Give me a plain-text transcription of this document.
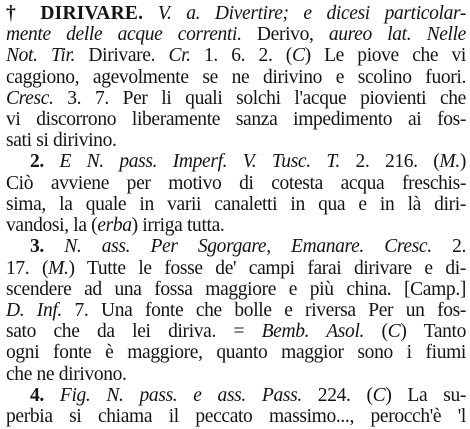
† DIRIVARE. V. a. Divertire; e dicesi particolar-
mente delle acque correnti. Derivo, aureo lat. Nelle
Not. Tir. Dirivare. Cr. 1. 6. 2. (C) Le piove che vi
caggiono, agevolmente se ne dirivino e scolino fuori.
Cresc. 3. 7. Per li quali solchi l'acque piovienti che
vi discorrono liberamente sanza impedimento ai fos-
sati si dirivino.
2. E N. pass. Imperf. V. Tusc. T. 2. 216. (M.)
Ciò avviene per motivo di cotesta acqua freschis-
sima, la quale in varii canaletti in qua e in là diri-
vandosi, la (erba) irriga tutta.
3. N. ass. Per Sgorgare, Emanare. Cresc. 2.
17. (M.) Tutte le fosse de' campi farai dirivare e di-
scendere ad una fossa maggiore e più china. [Camp.]
D. Inf. 7. Una fonte che bolle e riversa Per un fos-
sato che da lei diriva. = Bemb. Asol. (C) Tanto
ogni fonte è maggiore, quanto maggior sono i fiumi
che ne dirivono.
4. Fig. N. pass. e ass. Pass. 224. (C) La su-
perbia si chiama il peccato massimo..., perocch'è 'l
